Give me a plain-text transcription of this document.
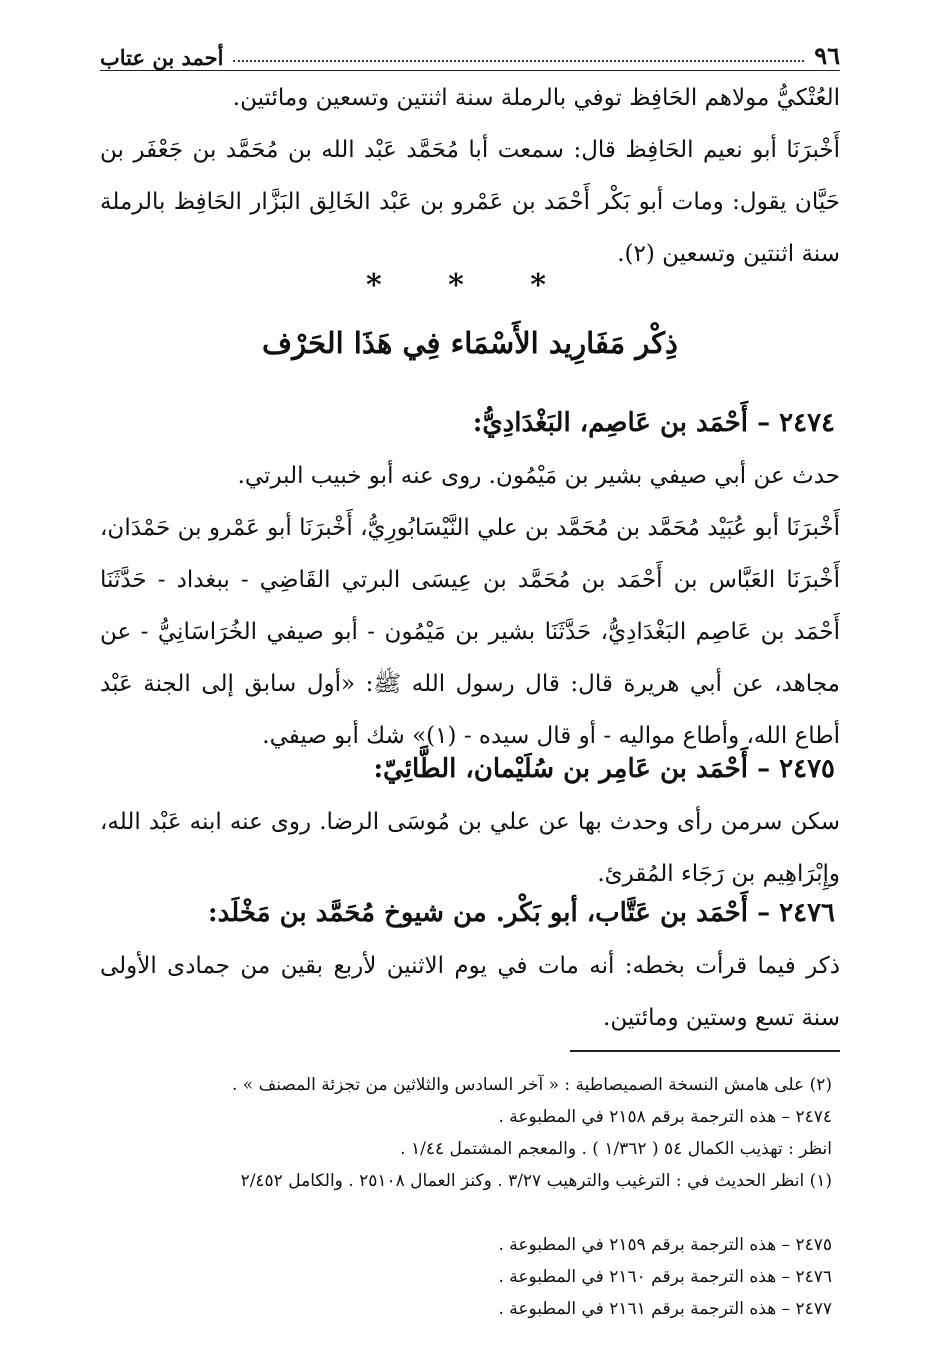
٩٦
أحمد بن عتاب

العُتْكيُّ مولاهم الحَافِظ توفي بالرملة سنة اثنتين وتسعين ومائتين.

أَخْبرَنَا أبو نعيم الحَافِظ قال: سمعت أبا مُحَمَّد عَبْد الله بن مُحَمَّد بن جَعْفَر بن حَيَّان يقول: ومات أبو بَكْر أَحْمَد بن عَمْرو بن عَبْد الخَالِق البَزَّار الحَافِظ بالرملة سنة اثنتين وتسعين (٢).

* * *
ذِكْر مَفَارِيد الأَسْمَاء فِي هَذَا الحَرْف
٢٤٧٤ – أَحْمَد بن عَاصِم، البَغْدَادِيُّ:

حدث عن أبي صيفي بشير بن مَيْمُون. روى عنه أبو خبيب البرتي.

أَخْبرَنَا أبو عُبَيْد مُحَمَّد بن مُحَمَّد بن علي النَّيْسَابُورِيُّ، أَخْبرَنَا أبو عَمْرو بن حَمْدَان، أَخْبرَنَا العَبَّاس بن أَحْمَد بن مُحَمَّد بن عِيسَى البرتي القَاضِي - ببغداد - حَدَّثَنَا أَحْمَد بن عَاصِم البَغْدَادِيُّ، حَدَّثَنَا بشير بن مَيْمُون - أبو صيفي الخُرَاسَانِيُّ - عن مجاهد، عن أبي هريرة قال: قال رسول الله ﷺ: «أول سابق إلى الجنة عَبْد أطاع الله، وأطاع مواليه - أو قال سيده - (١)» شك أبو صيفي.

٢٤٧٥ – أَحْمَد بن عَامِر بن سُلَيْمان، الطَّائِيّ:

سكن سرمن رأى وحدث بها عن علي بن مُوسَى الرضا. روى عنه ابنه عَبْد الله، وإِبْرَاهِيم بن رَجَاء المُقرئ.

٢٤٧٦ – أَحْمَد بن عَتَّاب، أبو بَكْر. من شيوخ مُحَمَّد بن مَخْلَد:

ذكر فيما قرأت بخطه: أنه مات في يوم الاثنين لأربع بقين من جمادى الأولى سنة تسع وستين ومائتين.

(٢) على هامش النسخة الصميصاطية : « آخر السادس والثلاثين من تجزئة المصنف » .

٢٤٧٤ – هذه الترجمة برقم ٢١٥٨ في المطبوعة .

انظر : تهذيب الكمال ٥٤ ( ١/٣٦٢ ) . والمعجم المشتمل ١/٤٤ .

(١) انظر الحديث في : الترغيب والترهيب ٣/٢٧ . وكنز العمال ٢٥١٠٨ . والكامل ٢/٤٥٢

٢٤٧٥ – هذه الترجمة برقم ٢١٥٩ في المطبوعة .

٢٤٧٦ – هذه الترجمة برقم ٢١٦٠ في المطبوعة .

٢٤٧٧ – هذه الترجمة برقم ٢١٦١ في المطبوعة .
